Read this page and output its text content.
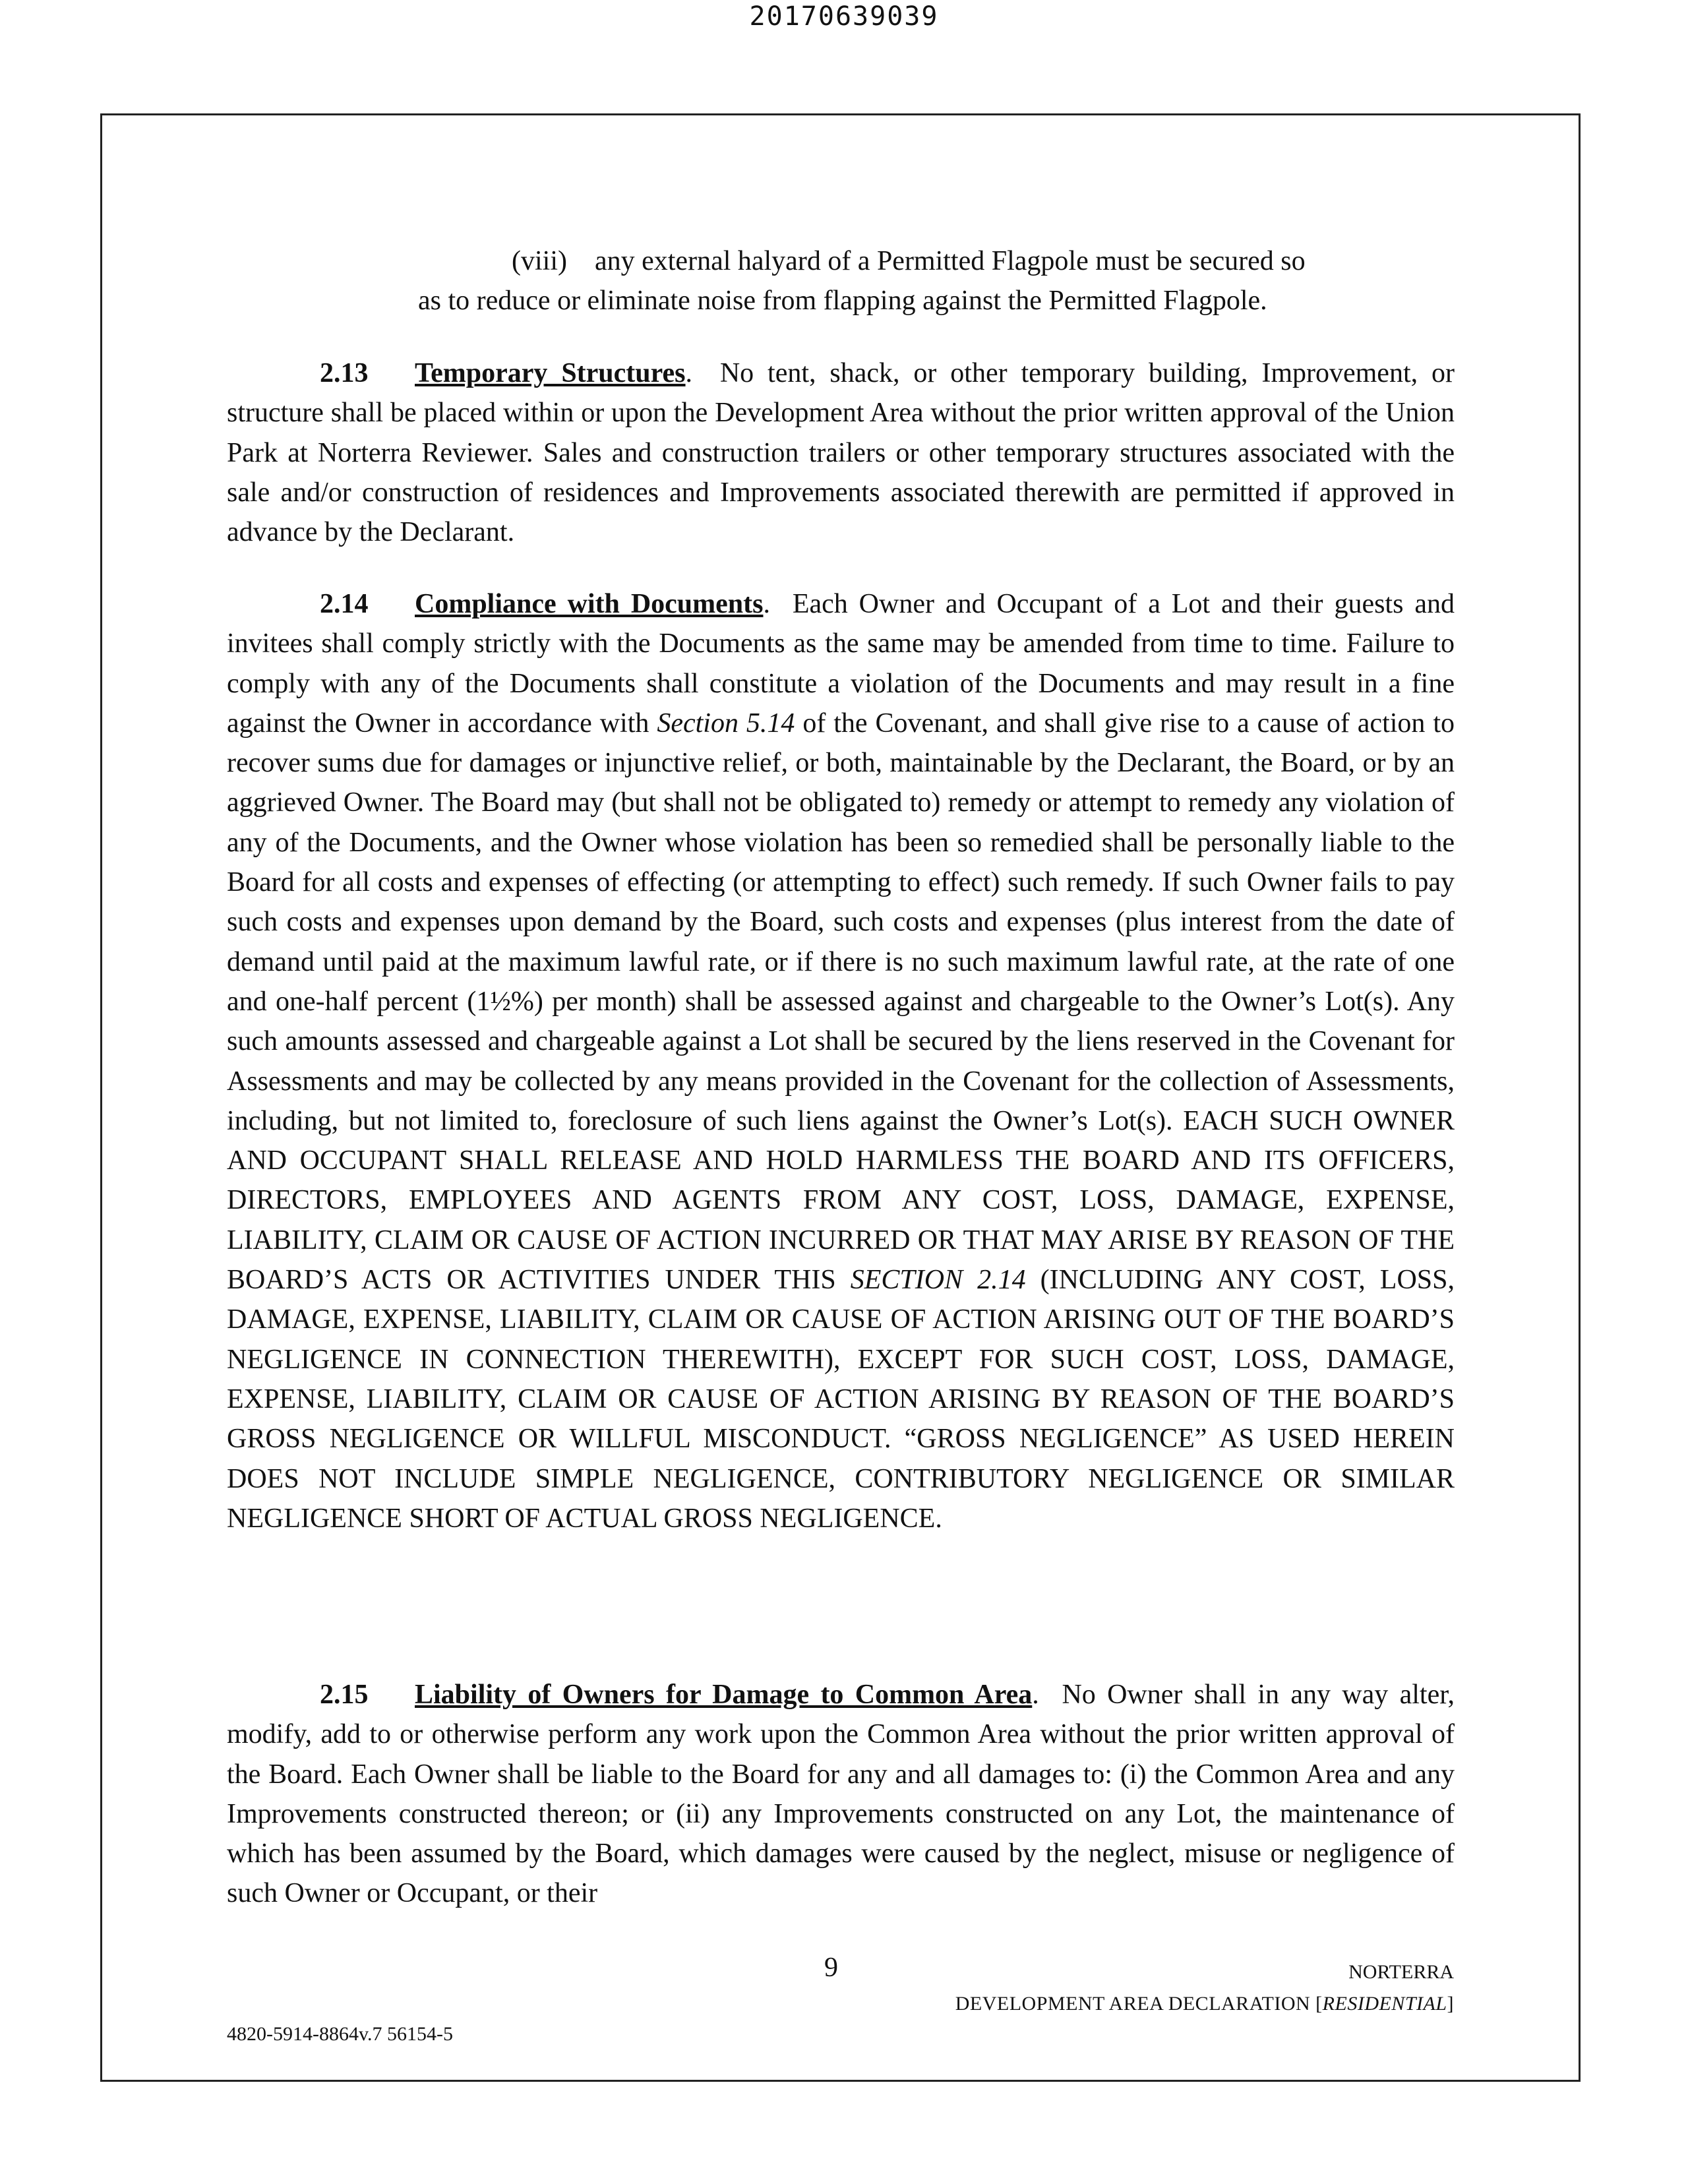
20170639039

(viii) any external halyard of a Permitted Flagpole must be secured so

as to reduce or eliminate noise from flapping against the Permitted Flagpole.

2.13 Temporary Structures.  No tent, shack, or other temporary building, Improvement, or structure shall be placed within or upon the Development Area without the prior written approval of the Union Park at Norterra Reviewer. Sales and construction trailers or other temporary structures associated with the sale and/or construction of residences and Improvements associated therewith are permitted if approved in advance by the Declarant.

2.14 Compliance with Documents.  Each Owner and Occupant of a Lot and their guests and invitees shall comply strictly with the Documents as the same may be amended from time to time. Failure to comply with any of the Documents shall constitute a violation of the Documents and may result in a fine against the Owner in accordance with Section 5.14 of the Covenant, and shall give rise to a cause of action to recover sums due for damages or injunctive relief, or both, maintainable by the Declarant, the Board, or by an aggrieved Owner. The Board may (but shall not be obligated to) remedy or attempt to remedy any violation of any of the Documents, and the Owner whose violation has been so remedied shall be personally liable to the Board for all costs and expenses of effecting (or attempting to effect) such remedy. If such Owner fails to pay such costs and expenses upon demand by the Board, such costs and expenses (plus interest from the date of demand until paid at the maximum lawful rate, or if there is no such maximum lawful rate, at the rate of one and one-half percent (1½%) per month) shall be assessed against and chargeable to the Owner’s Lot(s). Any such amounts assessed and chargeable against a Lot shall be secured by the liens reserved in the Covenant for Assessments and may be collected by any means provided in the Covenant for the collection of Assessments, including, but not limited to, foreclosure of such liens against the Owner’s Lot(s). EACH SUCH OWNER AND OCCUPANT SHALL RELEASE AND HOLD HARMLESS THE BOARD AND ITS OFFICERS, DIRECTORS, EMPLOYEES AND AGENTS FROM ANY COST, LOSS, DAMAGE, EXPENSE, LIABILITY, CLAIM OR CAUSE OF ACTION INCURRED OR THAT MAY ARISE BY REASON OF THE BOARD’S ACTS OR ACTIVITIES UNDER THIS SECTION 2.14 (INCLUDING ANY COST, LOSS, DAMAGE, EXPENSE, LIABILITY, CLAIM OR CAUSE OF ACTION ARISING OUT OF THE BOARD’S NEGLIGENCE IN CONNECTION THEREWITH), EXCEPT FOR SUCH COST, LOSS, DAMAGE, EXPENSE, LIABILITY, CLAIM OR CAUSE OF ACTION ARISING BY REASON OF THE BOARD’S GROSS NEGLIGENCE OR WILLFUL MISCONDUCT. “GROSS NEGLIGENCE” AS USED HEREIN DOES NOT INCLUDE SIMPLE NEGLIGENCE, CONTRIBUTORY NEGLIGENCE OR SIMILAR NEGLIGENCE SHORT OF ACTUAL GROSS NEGLIGENCE.

2.15 Liability of Owners for Damage to Common Area.  No Owner shall in any way alter, modify, add to or otherwise perform any work upon the Common Area without the prior written approval of the Board. Each Owner shall be liable to the Board for any and all damages to: (i) the Common Area and any Improvements constructed thereon; or (ii) any Improvements constructed on any Lot, the maintenance of which has been assumed by the Board, which damages were caused by the neglect, misuse or negligence of such Owner or Occupant, or their

9	NORTERRA
DEVELOPMENT AREA DECLARATION [RESIDENTIAL]
4820-5914-8864v.7 56154-5
